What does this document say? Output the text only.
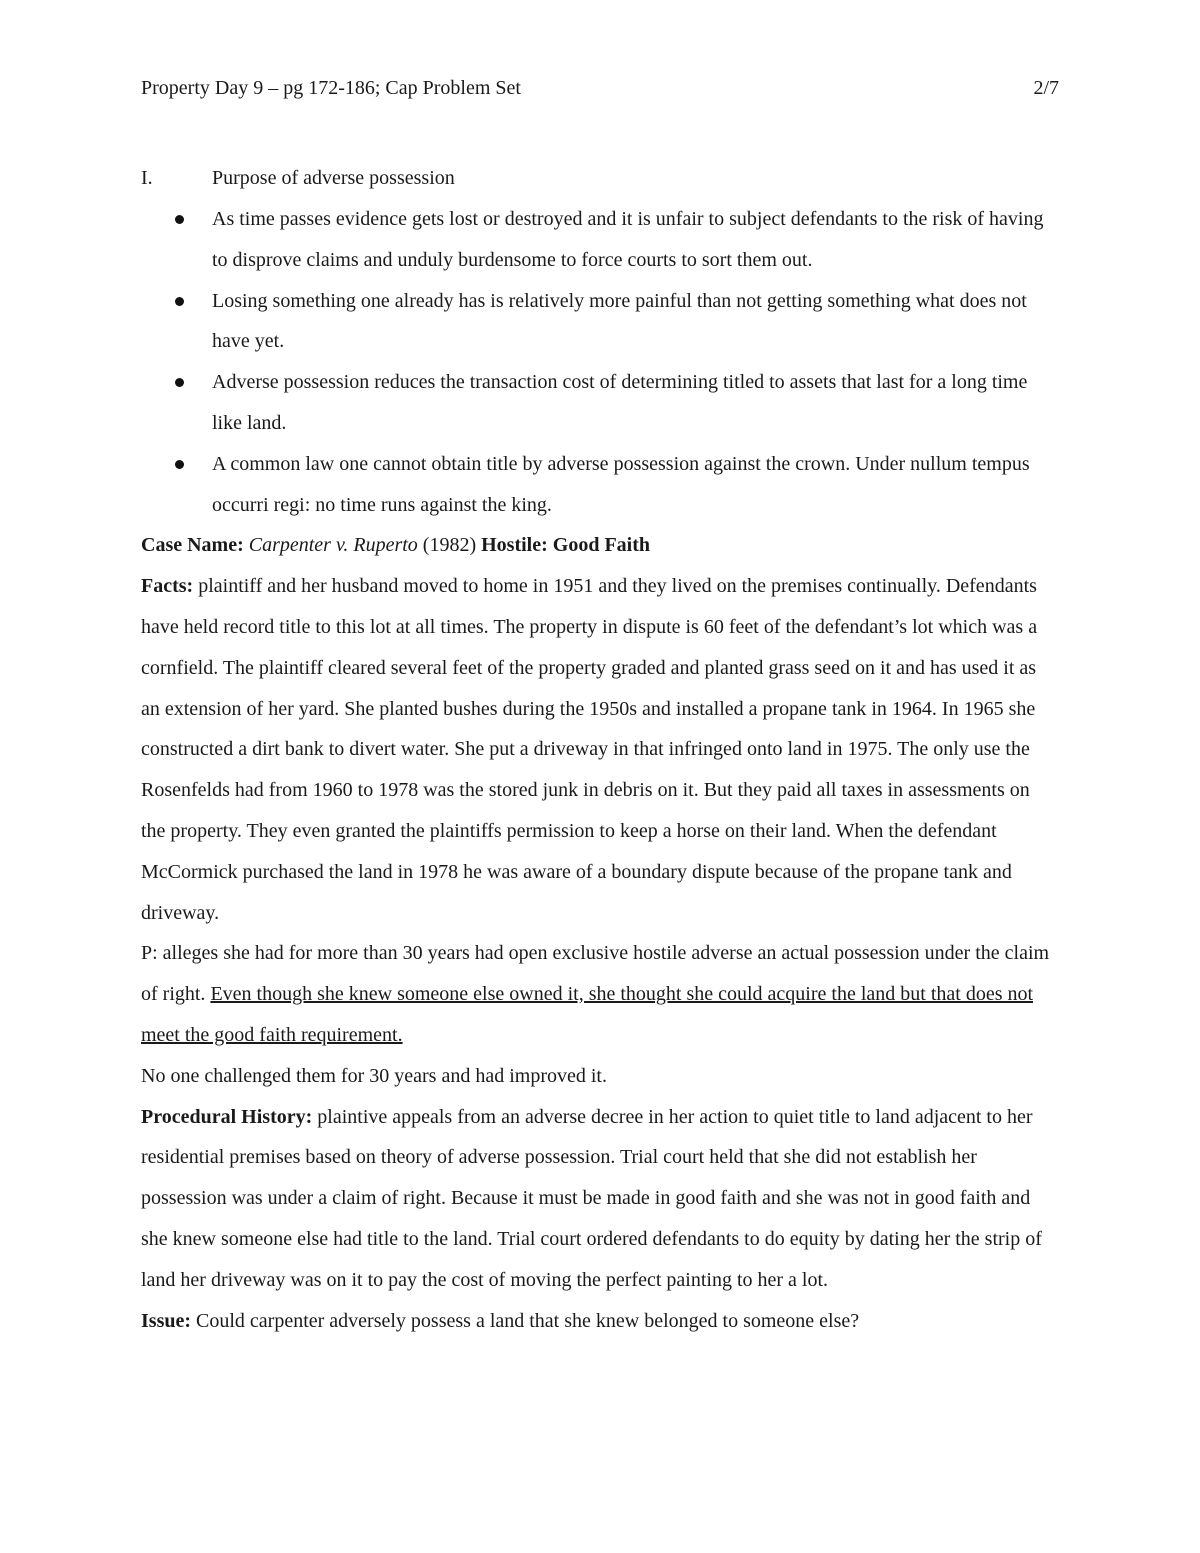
Property Day 9 – pg 172-186; Cap Problem Set	2/7
I.	Purpose of adverse possession
As time passes evidence gets lost or destroyed and it is unfair to subject defendants to the risk of having to disprove claims and unduly burdensome to force courts to sort them out.
Losing something one already has is relatively more painful than not getting something what does not have yet.
Adverse possession reduces the transaction cost of determining titled to assets that last for a long time like land.
A common law one cannot obtain title by adverse possession against the crown. Under nullum tempus occurri regi: no time runs against the king.

Case Name: Carpenter v. Ruperto (1982) Hostile: Good Faith

Facts: plaintiff and her husband moved to home in 1951 and they lived on the premises continually. Defendants have held record title to this lot at all times. The property in dispute is 60 feet of the defendant’s lot which was a cornfield. The plaintiff cleared several feet of the property graded and planted grass seed on it and has used it as an extension of her yard. She planted bushes during the 1950s and installed a propane tank in 1964. In 1965 she constructed a dirt bank to divert water. She put a driveway in that infringed onto land in 1975. The only use the Rosenfelds had from 1960 to 1978 was the stored junk in debris on it. But they paid all taxes in assessments on the property. They even granted the plaintiffs permission to keep a horse on their land. When the defendant McCormick purchased the land in 1978 he was aware of a boundary dispute because of the propane tank and driveway.

P: alleges she had for more than 30 years had open exclusive hostile adverse an actual possession under the claim of right. Even though she knew someone else owned it, she thought she could acquire the land but that does not meet the good faith requirement.

No one challenged them for 30 years and had improved it.

Procedural History: plaintive appeals from an adverse decree in her action to quiet title to land adjacent to her residential premises based on theory of adverse possession. Trial court held that she did not establish her possession was under a claim of right. Because it must be made in good faith and she was not in good faith and she knew someone else had title to the land. Trial court ordered defendants to do equity by dating her the strip of land her driveway was on it to pay the cost of moving the perfect painting to her a lot.

Issue: Could carpenter adversely possess a land that she knew belonged to someone else?
